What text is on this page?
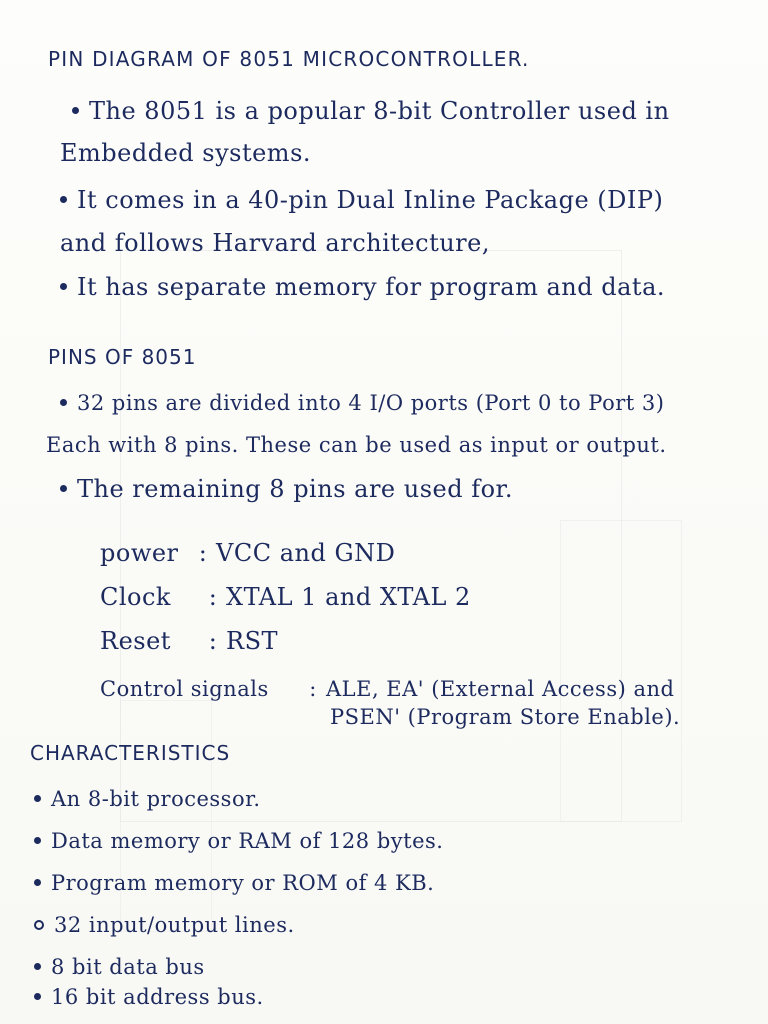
PIN DIAGRAM OF 8051 MICROCONTROLLER.
The 8051 is a popular 8-bit Controller used in
Embedded systems.
It comes in a 40-pin Dual Inline Package (DIP)
and follows Harvard architecture,
It has separate memory for program and data.
PINS OF 8051
32 pins are divided into 4 I/O ports (Port 0 to Port 3)
Each with 8 pins. These can be used as input or output.
The remaining 8 pins are used for.
power : VCC and GND
Clock : XTAL 1 and XTAL 2
Reset : RST
Control signals : ALE, EA' (External Access) and
PSEN' (Program Store Enable).
CHARACTERISTICS
An 8-bit processor.
Data memory or RAM of 128 bytes.
Program memory or ROM of 4 KB.
32 input/output lines.
8 bit data bus
16 bit address bus.
